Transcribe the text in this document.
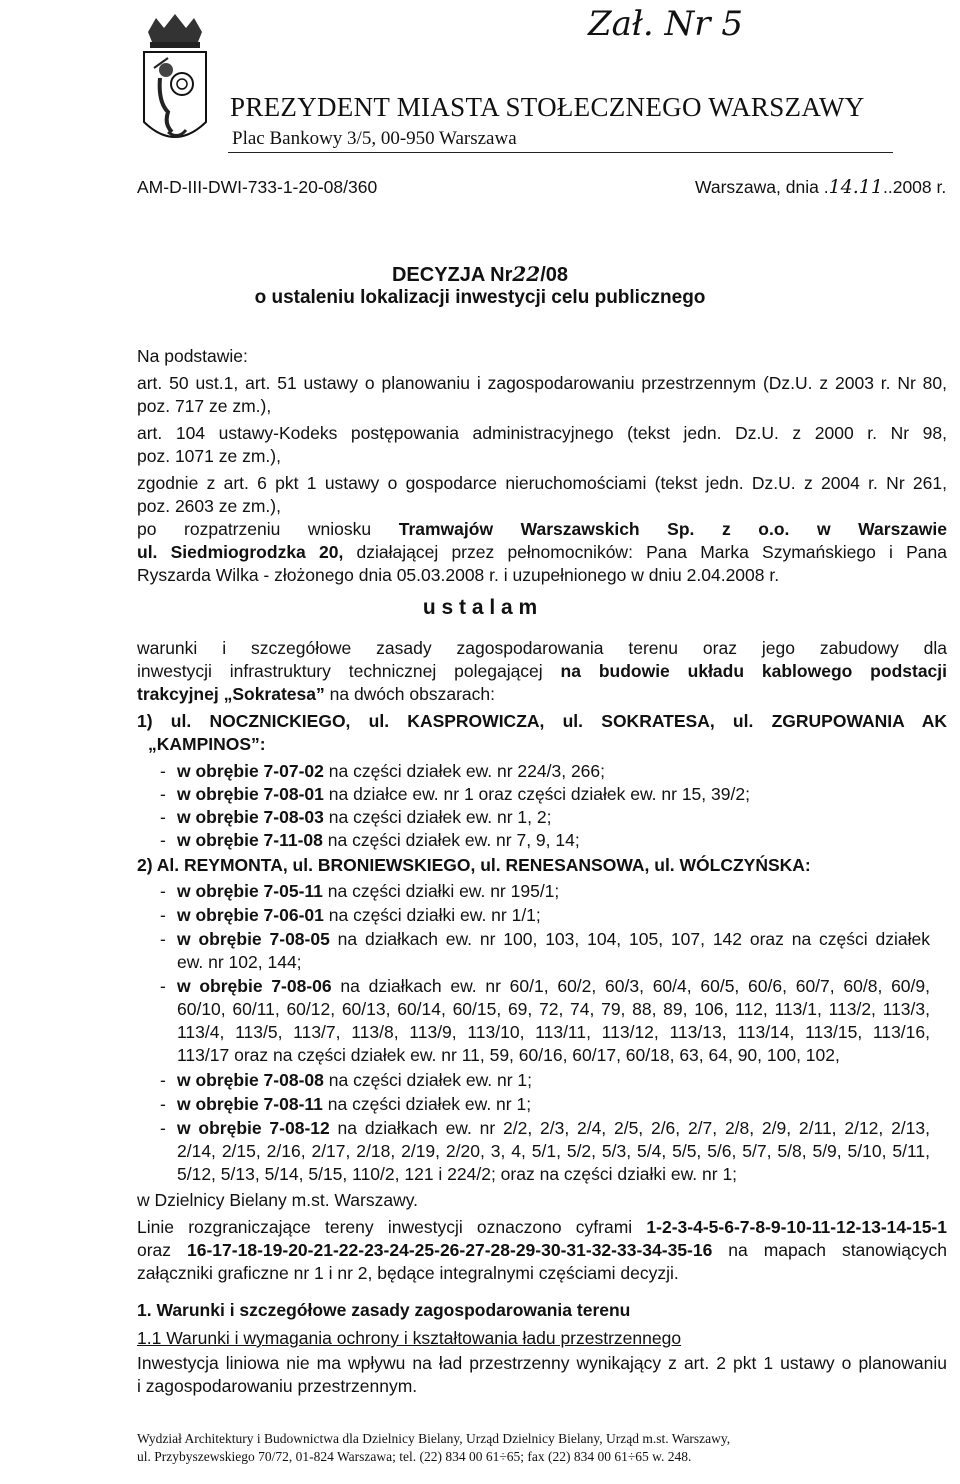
Zał. Nr 5
PREZYDENT MIASTA STOŁECZNEGO WARSZAWY
Plac Bankowy 3/5, 00-950 Warszawa
AM-D-III-DWI-733-1-20-08/360	Warszawa, dnia .14.11..2008 r.
DECYZJA Nr22/08
o ustaleniu lokalizacji inwestycji celu publicznego
Na podstawie:
art. 50 ust.1, art. 51 ustawy o planowaniu i zagospodarowaniu przestrzennym (Dz.U. z 2003 r. Nr 80,
poz. 717 ze zm.),
art. 104 ustawy-Kodeks postępowania administracyjnego (tekst jedn. Dz.U. z 2000 r. Nr 98,
poz. 1071 ze zm.),
zgodnie z art. 6 pkt 1 ustawy o gospodarce nieruchomościami (tekst jedn. Dz.U. z 2004 r. Nr 261,
poz. 2603 ze zm.),
po rozpatrzeniu wniosku Tramwajów Warszawskich Sp. z o.o. w Warszawie
ul. Siedmiogrodzka 20, działającej przez pełnomocników: Pana Marka Szymańskiego i Pana
Ryszarda Wilka - złożonego dnia 05.03.2008 r. i uzupełnionego w dniu 2.04.2008 r.
u s t a l a m
warunki i szczegółowe zasady zagospodarowania terenu oraz jego zabudowy dla
inwestycji infrastruktury technicznej polegającej na budowie układu kablowego podstacji
trakcyjnej „Sokratesa” na dwóch obszarach:
1) ul. NOCZNICKIEGO, ul. KASPROWICZA, ul. SOKRATESA, ul. ZGRUPOWANIA AK
„KAMPINOS”:
- w obrębie 7-07-02 na części działek ew. nr 224/3, 266;
- w obrębie 7-08-01 na działce ew. nr 1 oraz części działek ew. nr 15, 39/2;
- w obrębie 7-08-03 na części działek ew. nr 1, 2;
- w obrębie 7-11-08 na części działek ew. nr 7, 9, 14;
2) Al. REYMONTA, ul. BRONIEWSKIEGO, ul. RENESANSOWA, ul. WÓLCZYŃSKA:
- w obrębie 7-05-11 na części działki ew. nr 195/1;
- w obrębie 7-06-01 na części działki ew. nr 1/1;
- w obrębie 7-08-05 na działkach ew. nr 100, 103, 104, 105, 107, 142 oraz na części działek
ew. nr 102, 144;
- w obrębie 7-08-06 na działkach ew. nr 60/1, 60/2, 60/3, 60/4, 60/5, 60/6, 60/7, 60/8, 60/9,
60/10, 60/11, 60/12, 60/13, 60/14, 60/15, 69, 72, 74, 79, 88, 89, 106, 112, 113/1, 113/2, 113/3,
113/4, 113/5, 113/7, 113/8, 113/9, 113/10, 113/11, 113/12, 113/13, 113/14, 113/15, 113/16,
113/17 oraz na części działek ew. nr 11, 59, 60/16, 60/17, 60/18, 63, 64, 90, 100, 102,
- w obrębie 7-08-08 na części działek ew. nr 1;
- w obrębie 7-08-11 na części działek ew. nr 1;
- w obrębie 7-08-12 na działkach ew. nr 2/2, 2/3, 2/4, 2/5, 2/6, 2/7, 2/8, 2/9, 2/11, 2/12, 2/13,
2/14, 2/15, 2/16, 2/17, 2/18, 2/19, 2/20, 3, 4, 5/1, 5/2, 5/3, 5/4, 5/5, 5/6, 5/7, 5/8, 5/9, 5/10, 5/11,
5/12, 5/13, 5/14, 5/15, 110/2, 121 i 224/2; oraz na części działki ew. nr 1;
w Dzielnicy Bielany m.st. Warszawy.
Linie rozgraniczające tereny inwestycji oznaczono cyframi 1-2-3-4-5-6-7-8-9-10-11-12-13-14-15-1
oraz 16-17-18-19-20-21-22-23-24-25-26-27-28-29-30-31-32-33-34-35-16 na mapach stanowiących
załączniki graficzne nr 1 i nr 2, będące integralnymi częściami decyzji.
1. Warunki i szczegółowe zasady zagospodarowania terenu
1.1 Warunki i wymagania ochrony i kształtowania ładu przestrzennego
Inwestycja liniowa nie ma wpływu na ład przestrzenny wynikający z art. 2 pkt 1 ustawy o planowaniu
i zagospodarowaniu przestrzennym.
Wydział Architektury i Budownictwa dla Dzielnicy Bielany, Urząd Dzielnicy Bielany, Urząd m.st. Warszawy,
ul. Przybyszewskiego 70/72, 01-824 Warszawa; tel. (22) 834 00 61÷65; fax (22) 834 00 61÷65 w. 248.
